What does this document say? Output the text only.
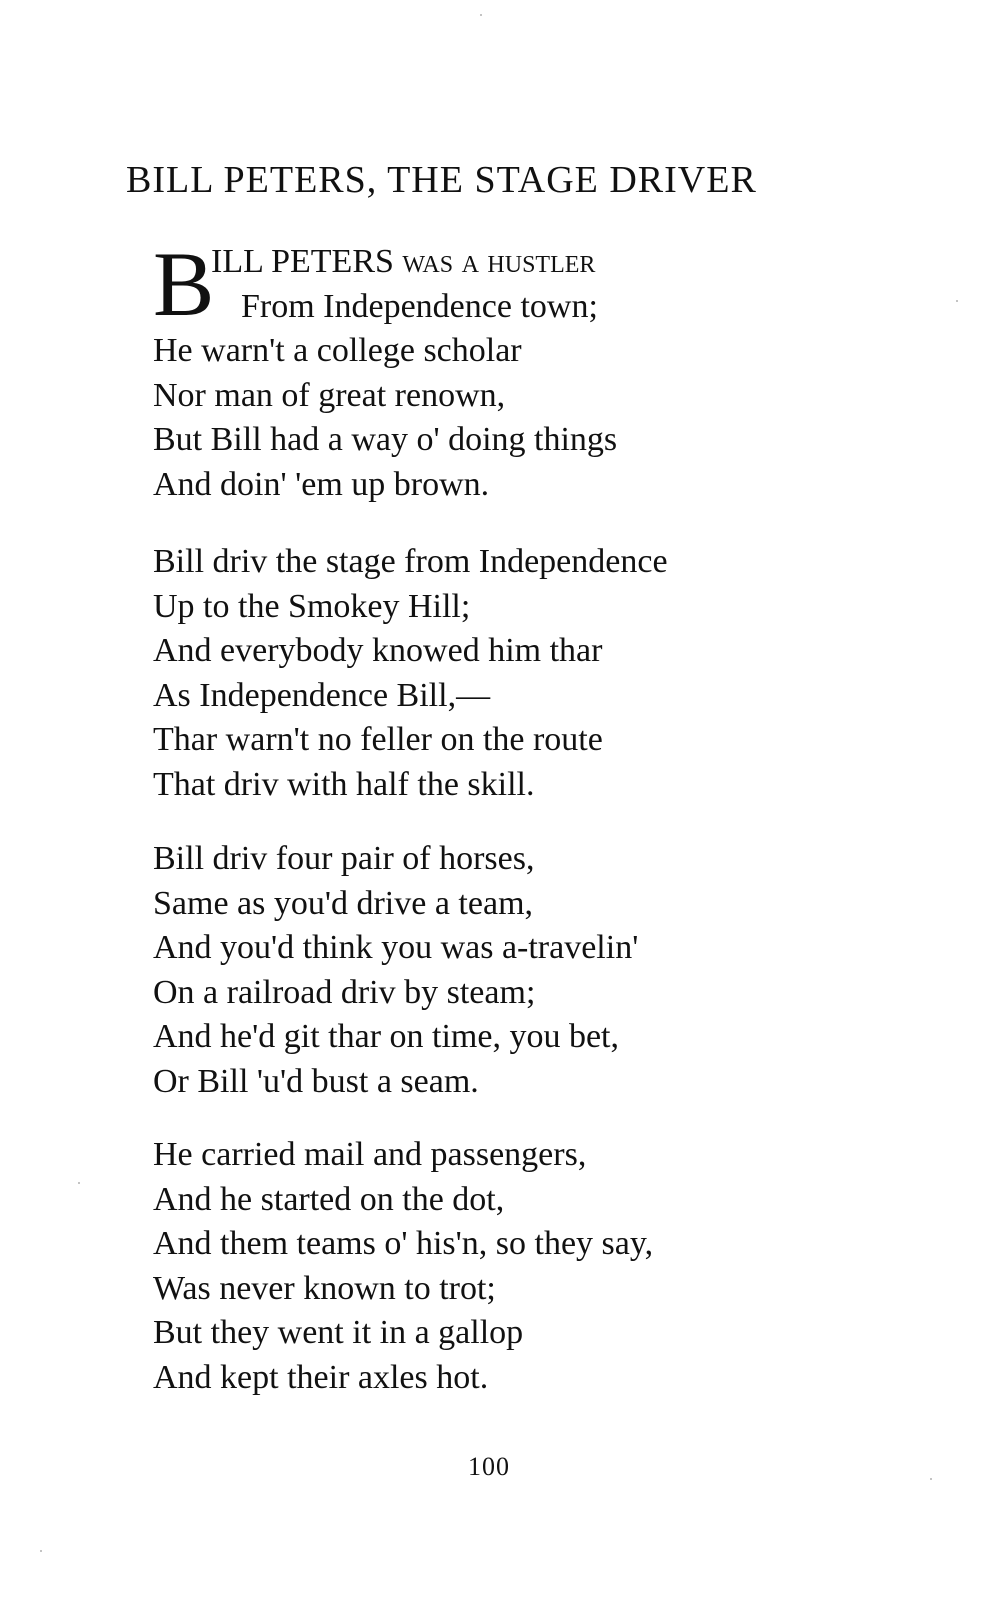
BILL PETERS, THE STAGE DRIVER
B
ILL PETERS was a hustler
From Independence town;
He warn't a college scholar
Nor man of great renown,
But Bill had a way o' doing things
And doin' 'em up brown.
Bill driv the stage from Independence
Up to the Smokey Hill;
And everybody knowed him thar
As Independence Bill,—
Thar warn't no feller on the route
That driv with half the skill.
Bill driv four pair of horses,
Same as you'd drive a team,
And you'd think you was a-travelin'
On a railroad driv by steam;
And he'd git thar on time, you bet,
Or Bill 'u'd bust a seam.
He carried mail and passengers,
And he started on the dot,
And them teams o' his'n, so they say,
Was never known to trot;
But they went it in a gallop
And kept their axles hot.
100
